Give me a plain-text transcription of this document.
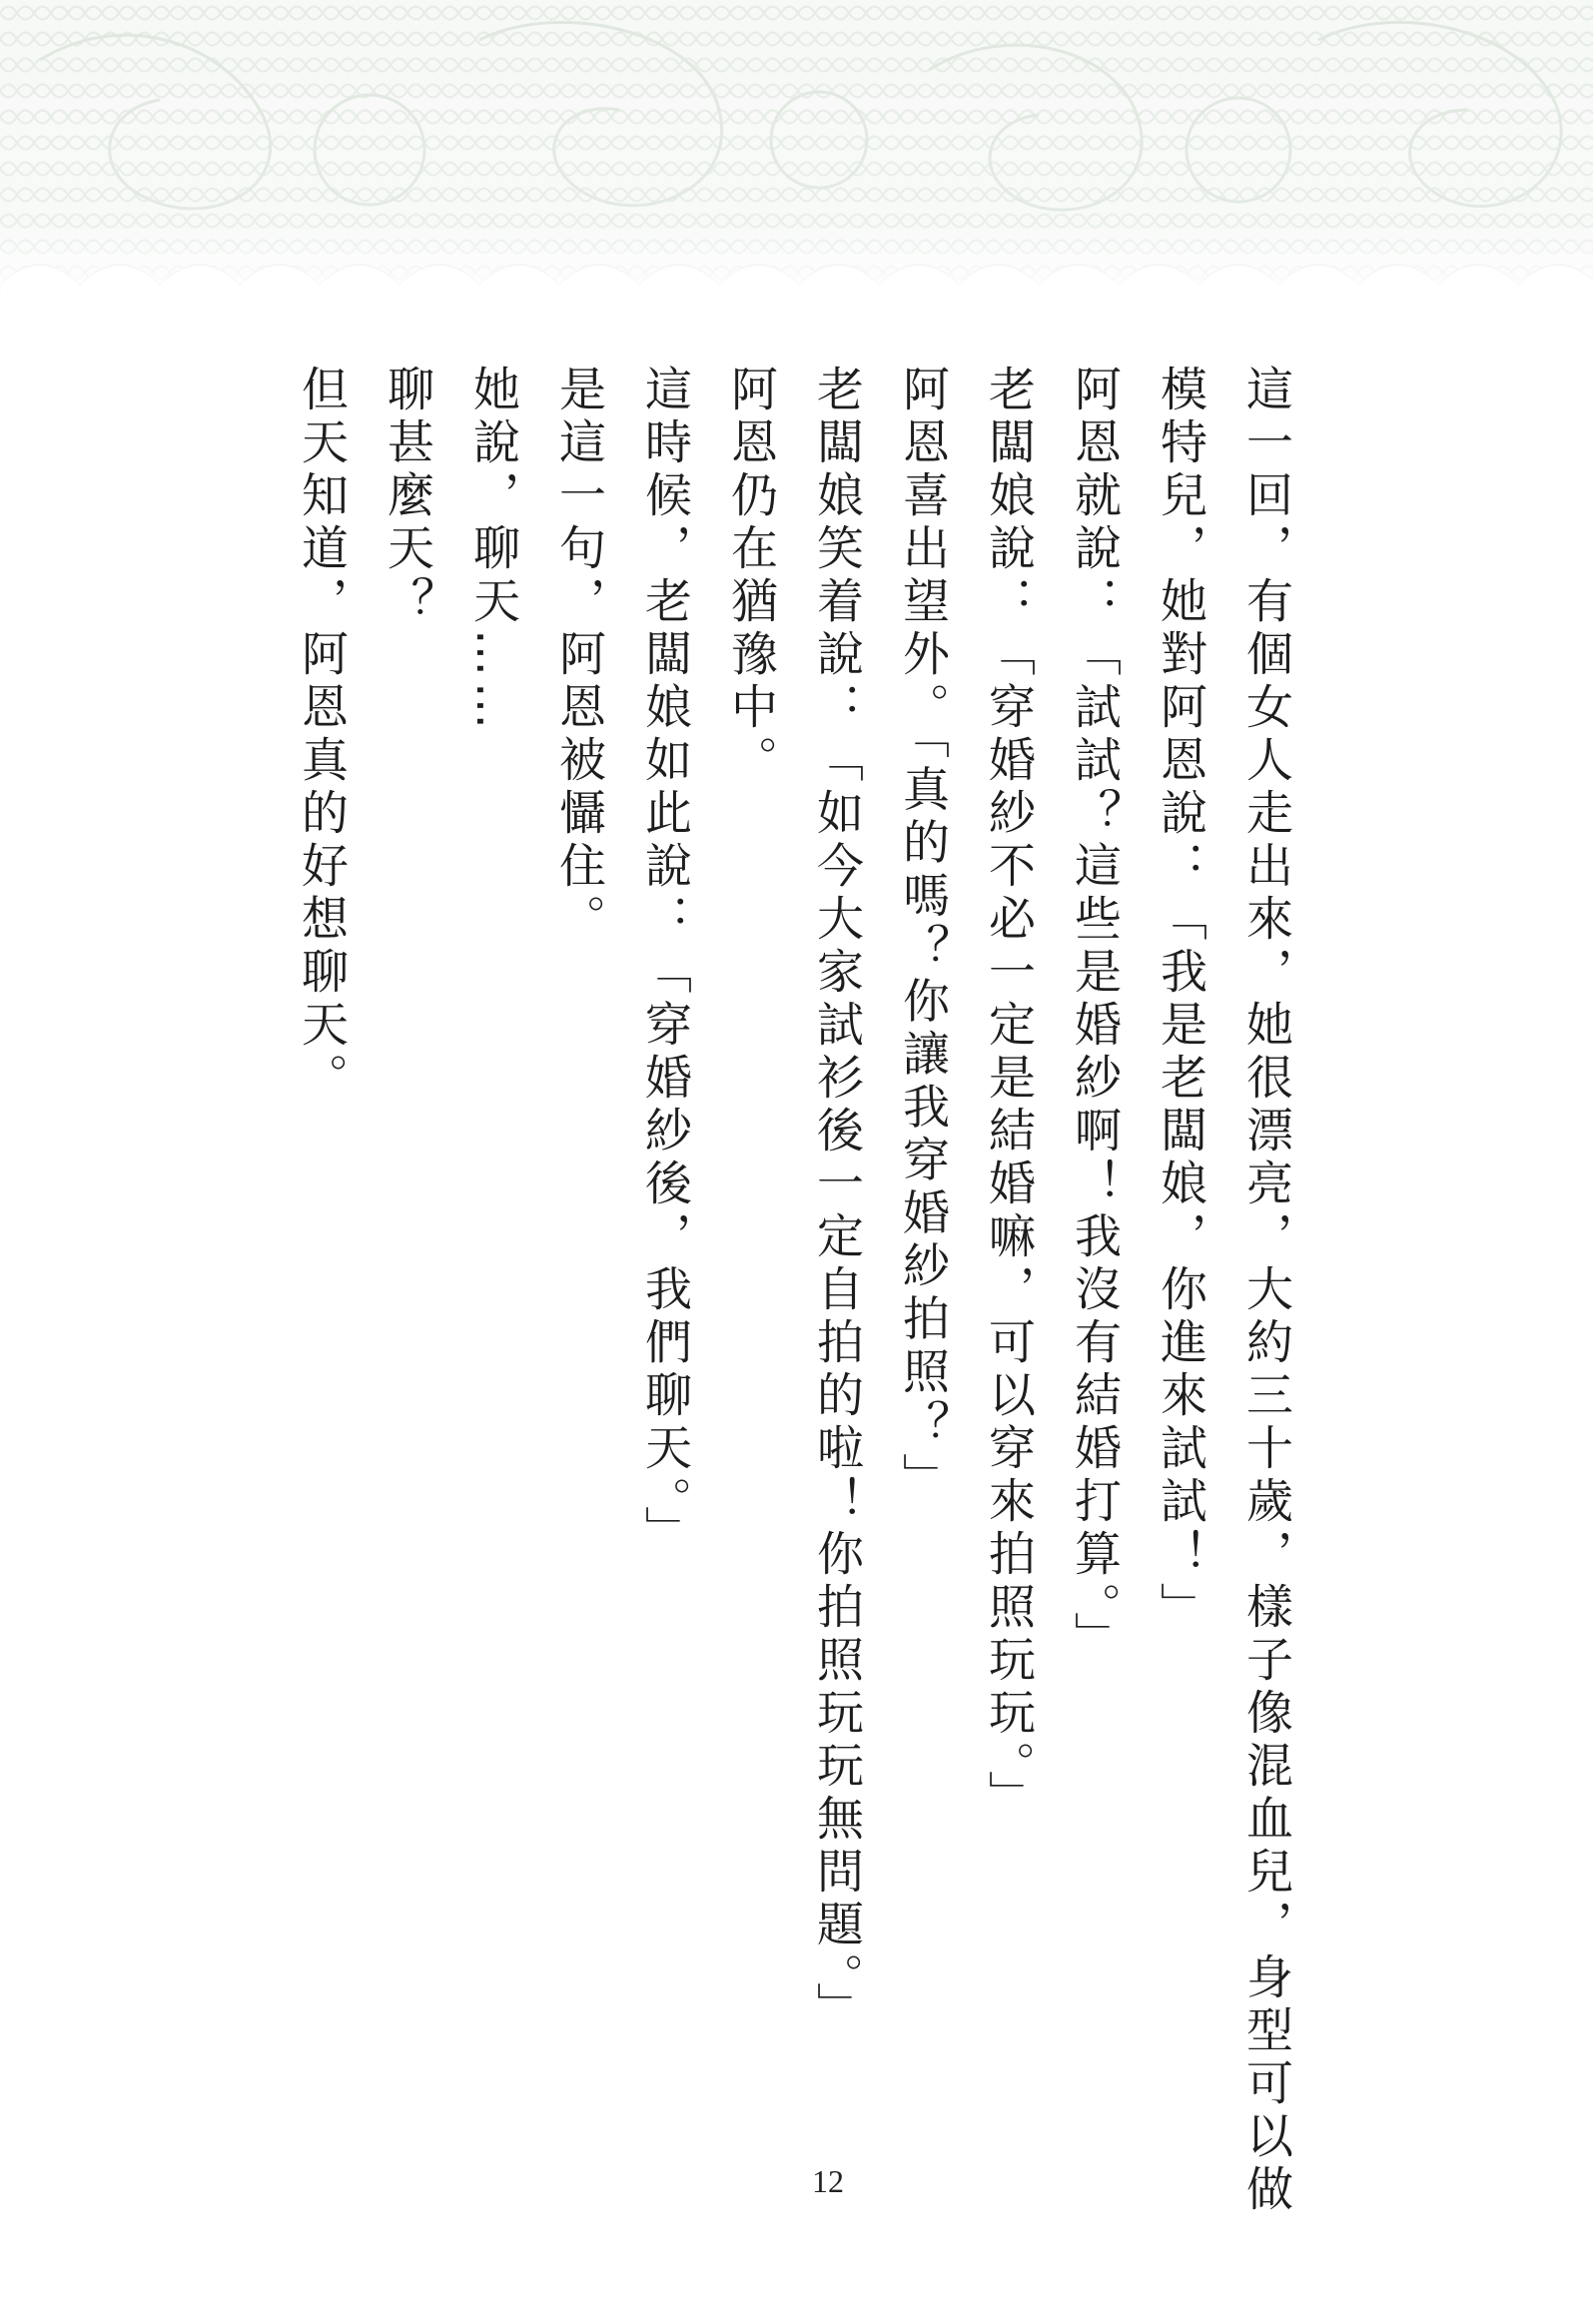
這一回，有個女人走出來，她很漂亮，大約三十歲，樣子像混血兒，身型可以做模特兒，她對阿恩說：「我是老闆娘，你進來試試！」

阿恩就說：「試試？這些是婚紗啊！我沒有結婚打算。」

老闆娘說：「穿婚紗不必一定是結婚嘛，可以穿來拍照玩玩。」

阿恩喜出望外。「真的嗎？你讓我穿婚紗拍照？」

老闆娘笑着說：「如今大家試衫後一定自拍的啦！你拍照玩玩無問題。」

阿恩仍在猶豫中。

這時候，老闆娘如此說：「穿婚紗後，我們聊天。」

是這一句，阿恩被懾住。

她說，聊天……

聊甚麼天？

但天知道，阿恩真的好想聊天。

12
